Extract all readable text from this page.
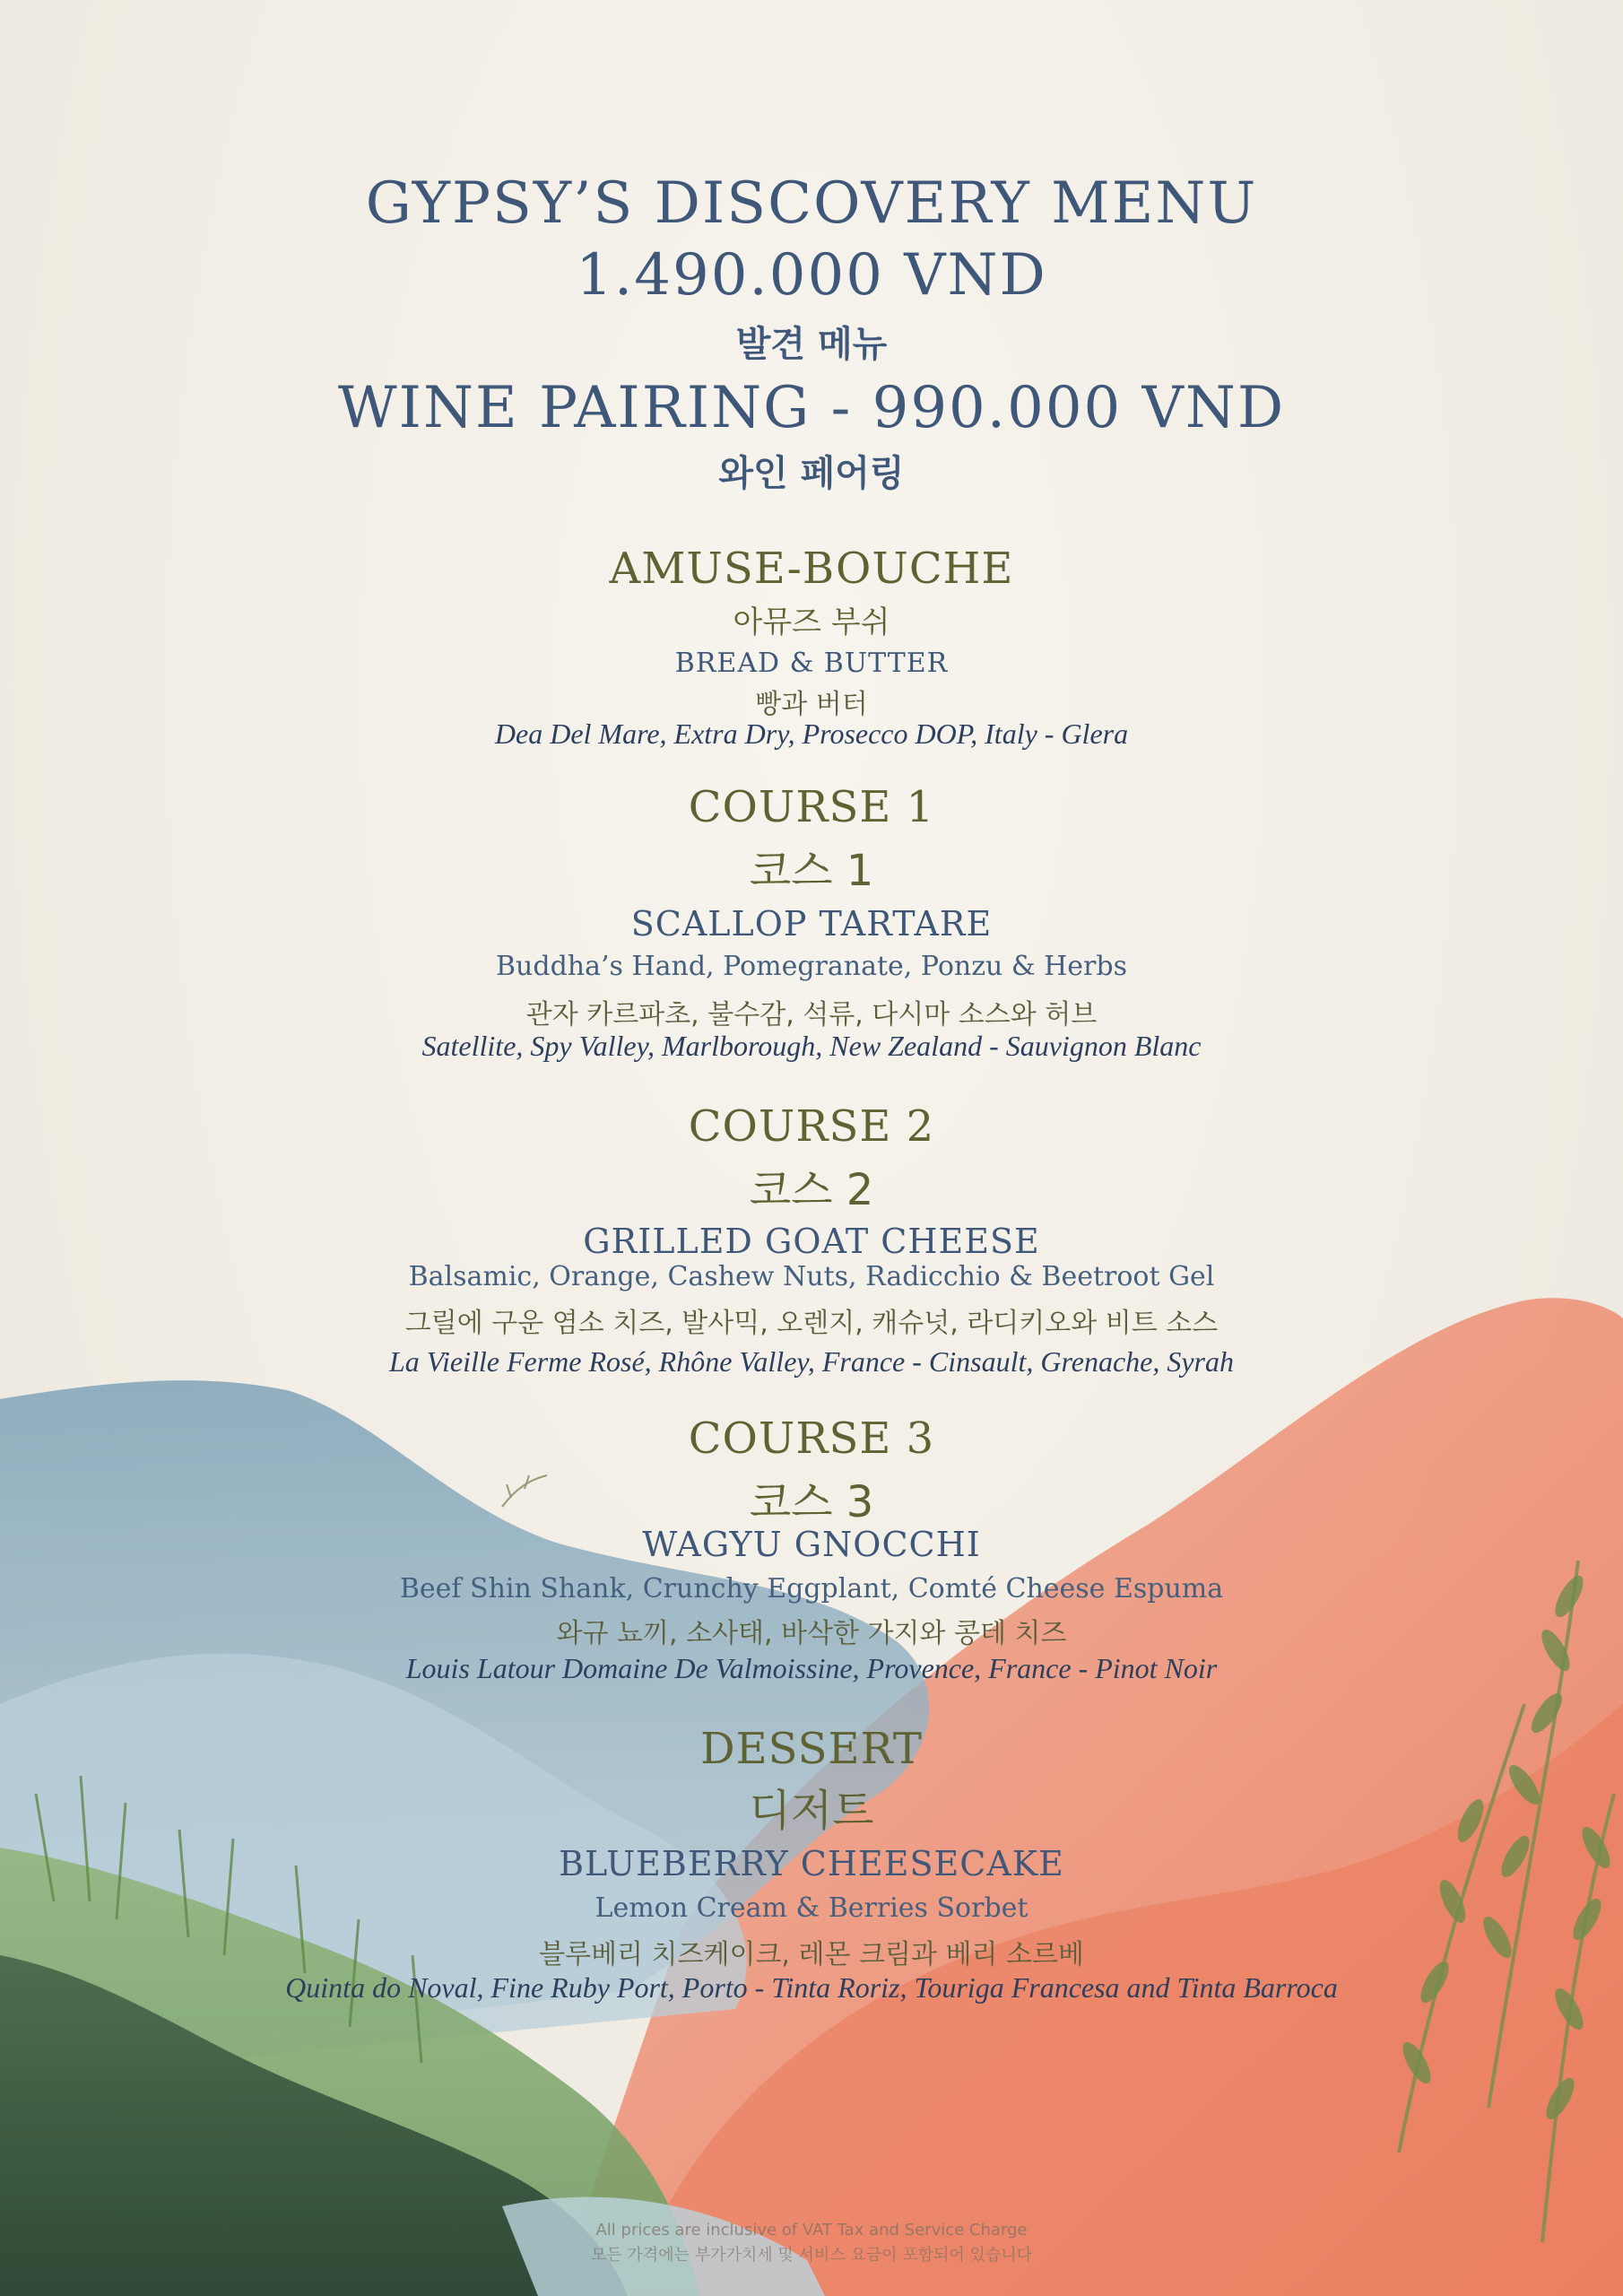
GYPSY’S DISCOVERY MENU
1.490.000 VND
발견 메뉴
WINE PAIRING - 990.000 VND
와인 페어링
AMUSE-BOUCHE
아뮤즈 부쉬
BREAD & BUTTER
빵과 버터
Dea Del Mare, Extra Dry, Prosecco DOP, Italy - Glera
COURSE 1
코스 1
SCALLOP TARTARE
Buddha’s Hand, Pomegranate, Ponzu & Herbs
관자 카르파초, 불수감, 석류, 다시마 소스와 허브
Satellite, Spy Valley, Marlborough, New Zealand - Sauvignon Blanc
COURSE 2
코스 2
GRILLED GOAT CHEESE
Balsamic, Orange, Cashew Nuts, Radicchio & Beetroot Gel
그릴에 구운 염소 치즈, 발사믹, 오렌지, 캐슈넛, 라디키오와 비트 소스
La Vieille Ferme Rosé, Rhône Valley, France - Cinsault, Grenache, Syrah
COURSE 3
코스 3
WAGYU GNOCCHI
Beef Shin Shank, Crunchy Eggplant, Comté Cheese Espuma
와규 뇨끼, 소사태, 바삭한 가지와 콩테 치즈
Louis Latour Domaine De Valmoissine, Provence, France - Pinot Noir
DESSERT
디저트
BLUEBERRY CHEESECAKE
Lemon Cream & Berries Sorbet
블루베리 치즈케이크, 레몬 크림과 베리 소르베
Quinta do Noval, Fine Ruby Port, Porto - Tinta Roriz, Touriga Francesa and Tinta Barroca
All prices are inclusive of VAT Tax and Service Charge
모든 가격에는 부가가치세 및 서비스 요금이 포함되어 있습니다
